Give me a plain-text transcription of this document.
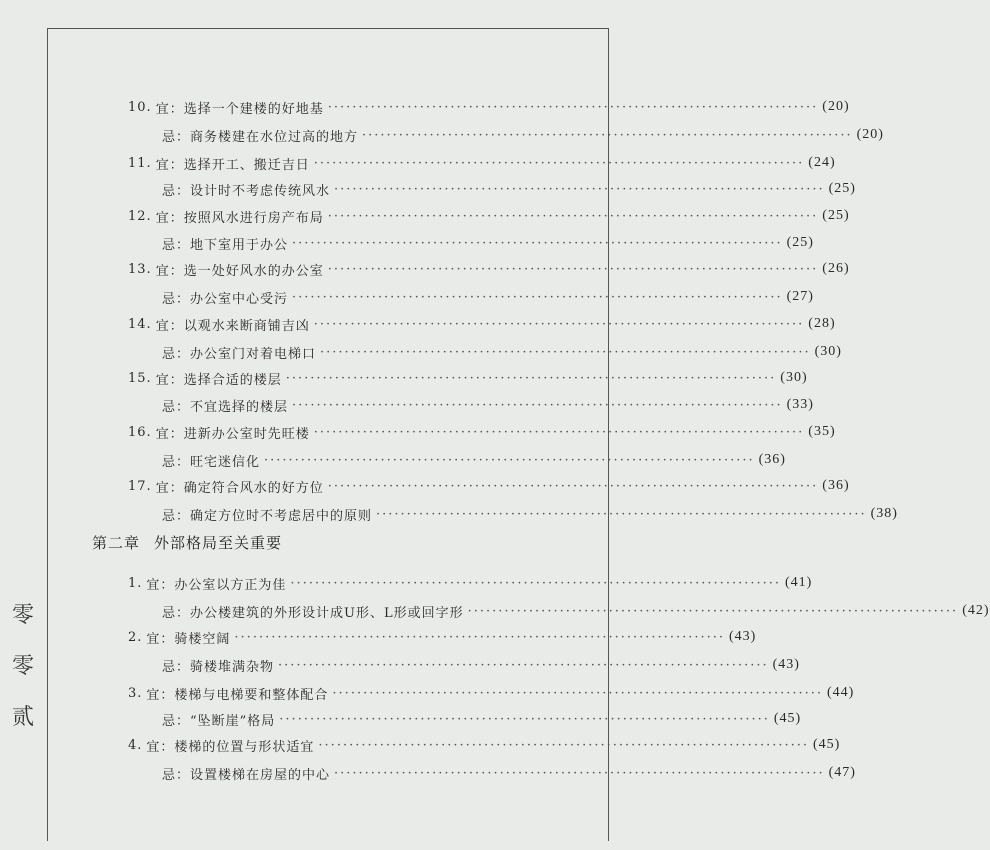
零
零
贰
第二章 外部格局至关重要
10. 宜：选择一个建楼的好地基 ················································································ (20)
忌：商务楼建在水位过高的地方 ················································································ (20)
11. 宜：选择开工、搬迁吉日 ················································································ (24)
忌：设计时不考虑传统风水 ················································································ (25)
12. 宜：按照风水进行房产布局 ················································································ (25)
忌：地下室用于办公 ················································································ (25)
13. 宜：选一处好风水的办公室 ················································································ (26)
忌：办公室中心受污 ················································································ (27)
14. 宜：以观水来断商铺吉凶 ················································································ (28)
忌：办公室门对着电梯口 ················································································ (30)
15. 宜：选择合适的楼层 ················································································ (30)
忌：不宜选择的楼层 ················································································ (33)
16. 宜：进新办公室时先旺楼 ················································································ (35)
忌：旺宅迷信化 ················································································ (36)
17. 宜：确定符合风水的好方位 ················································································ (36)
忌：确定方位时不考虑居中的原则 ················································································ (38)
1. 宜：办公室以方正为佳 ················································································ (41)
忌：办公楼建筑的外形设计成U形、L形或回字形 ················································································ (42)
2. 宜：骑楼空阔 ················································································ (43)
忌：骑楼堆满杂物 ················································································ (43)
3. 宜：楼梯与电梯要和整体配合 ················································································ (44)
忌：“坠断崖”格局 ················································································ (45)
4. 宜：楼梯的位置与形状适宜 ················································································ (45)
忌：设置楼梯在房屋的中心 ················································································ (47)
